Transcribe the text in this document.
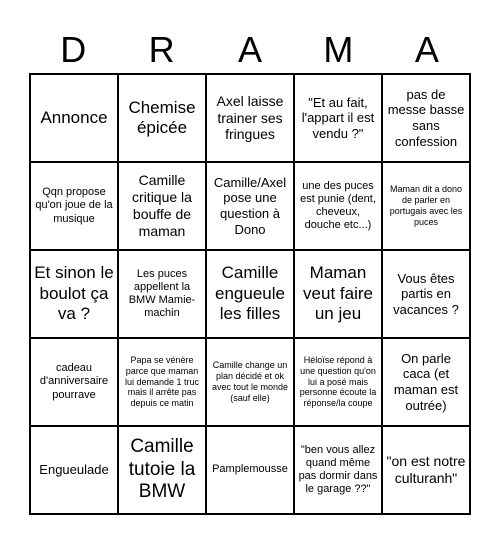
D	R	A	M	A
Annonce
Chemise épicée
Axel laisse trainer ses fringues
"Et au fait, l'appart il est vendu ?"
pas de messe basse sans confession
Qqn propose qu'on joue de la musique
Camille critique la bouffe de maman
Camille/Axel pose une question à Dono
une des puces est punie (dent, cheveux, douche etc...)
Maman dit a dono de parler en portugais avec les puces
Et sinon le boulot ça va ?
Les puces appellent la BMW Mamie-machin
Camille engueule les filles
Maman veut faire un jeu
Vous êtes partis en vacances ?
cadeau d'anniversaire pourrave
Papa se vénère parce que maman lui demande 1 truc mais il arrête pas depuis ce matin
Camille change un plan décidé et ok avec tout le monde (sauf elle)
Héloïse répond à une question qu'on lui a posé mais personne écoute la réponse/la coupe
On parle caca (et maman est outrée)
Engueulade
Camille tutoie la BMW
Pamplemousse
"ben vous allez quand même pas dormir dans le garage ??"
"on est notre culturanh"
